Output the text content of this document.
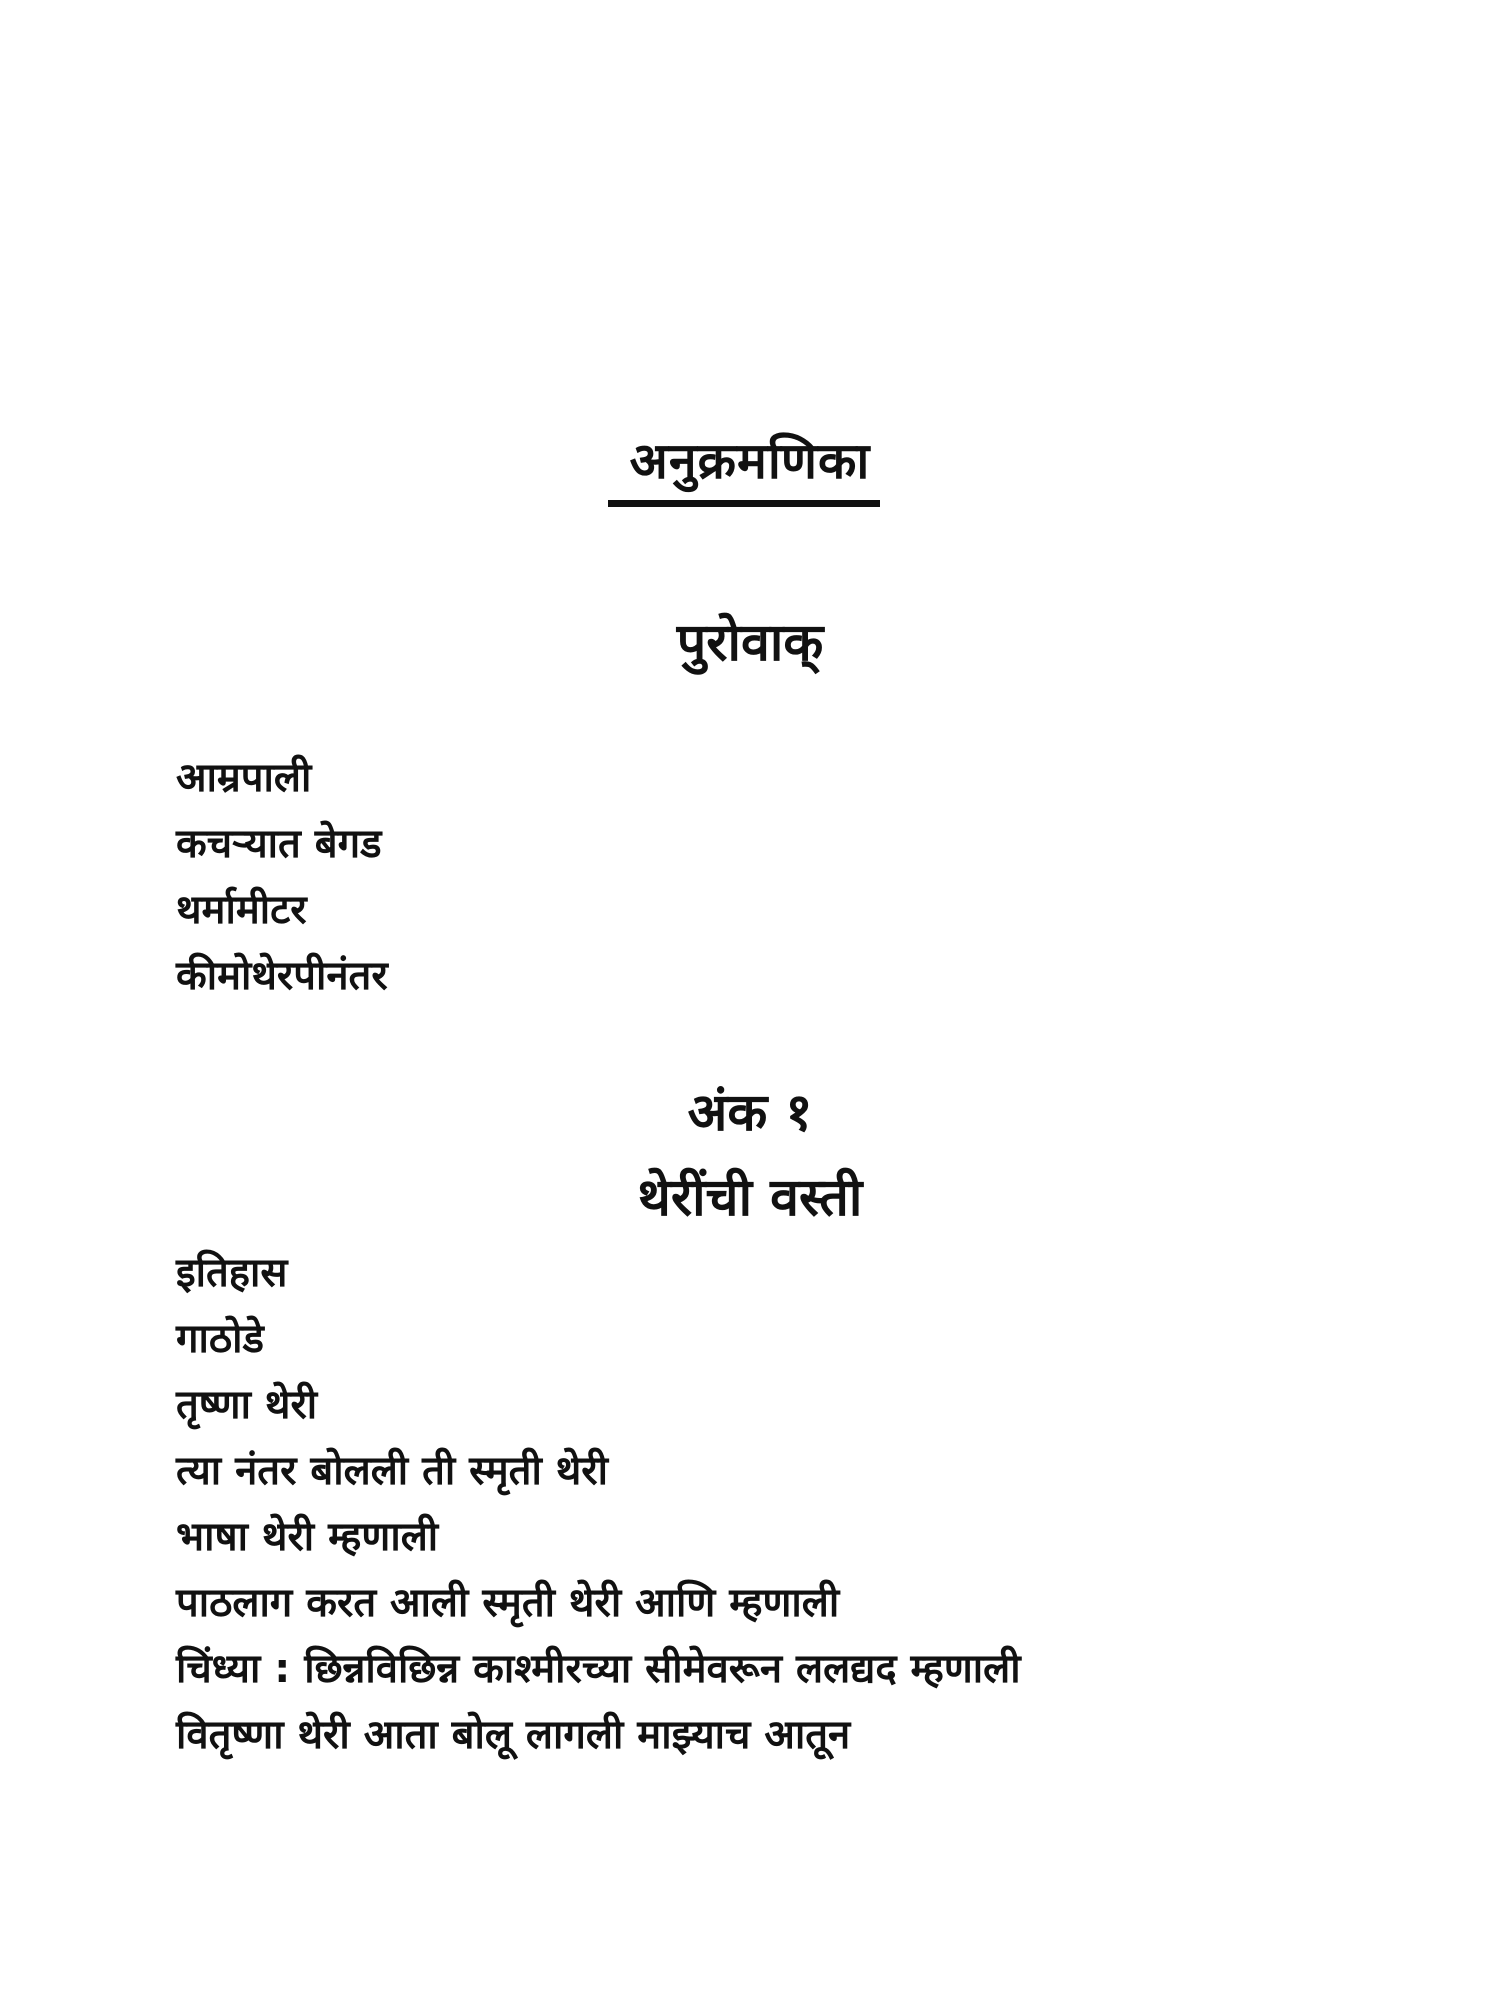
अनुक्रमणिका
पुरोवाक्
आम्रपाली
कचऱ्यात बेगड
थर्मामीटर
कीमोथेरपीनंतर
अंक १
थेरींची वस्ती
इतिहास
गाठोडे
तृष्णा थेरी
त्या नंतर बोलली ती स्मृती थेरी
भाषा थेरी म्हणाली
पाठलाग करत आली स्मृती थेरी आणि म्हणाली
चिंध्या : छिन्नविछिन्न काश्मीरच्या सीमेवरून ललद्यद म्हणाली
वितृष्णा थेरी आता बोलू लागली माझ्याच आतून
